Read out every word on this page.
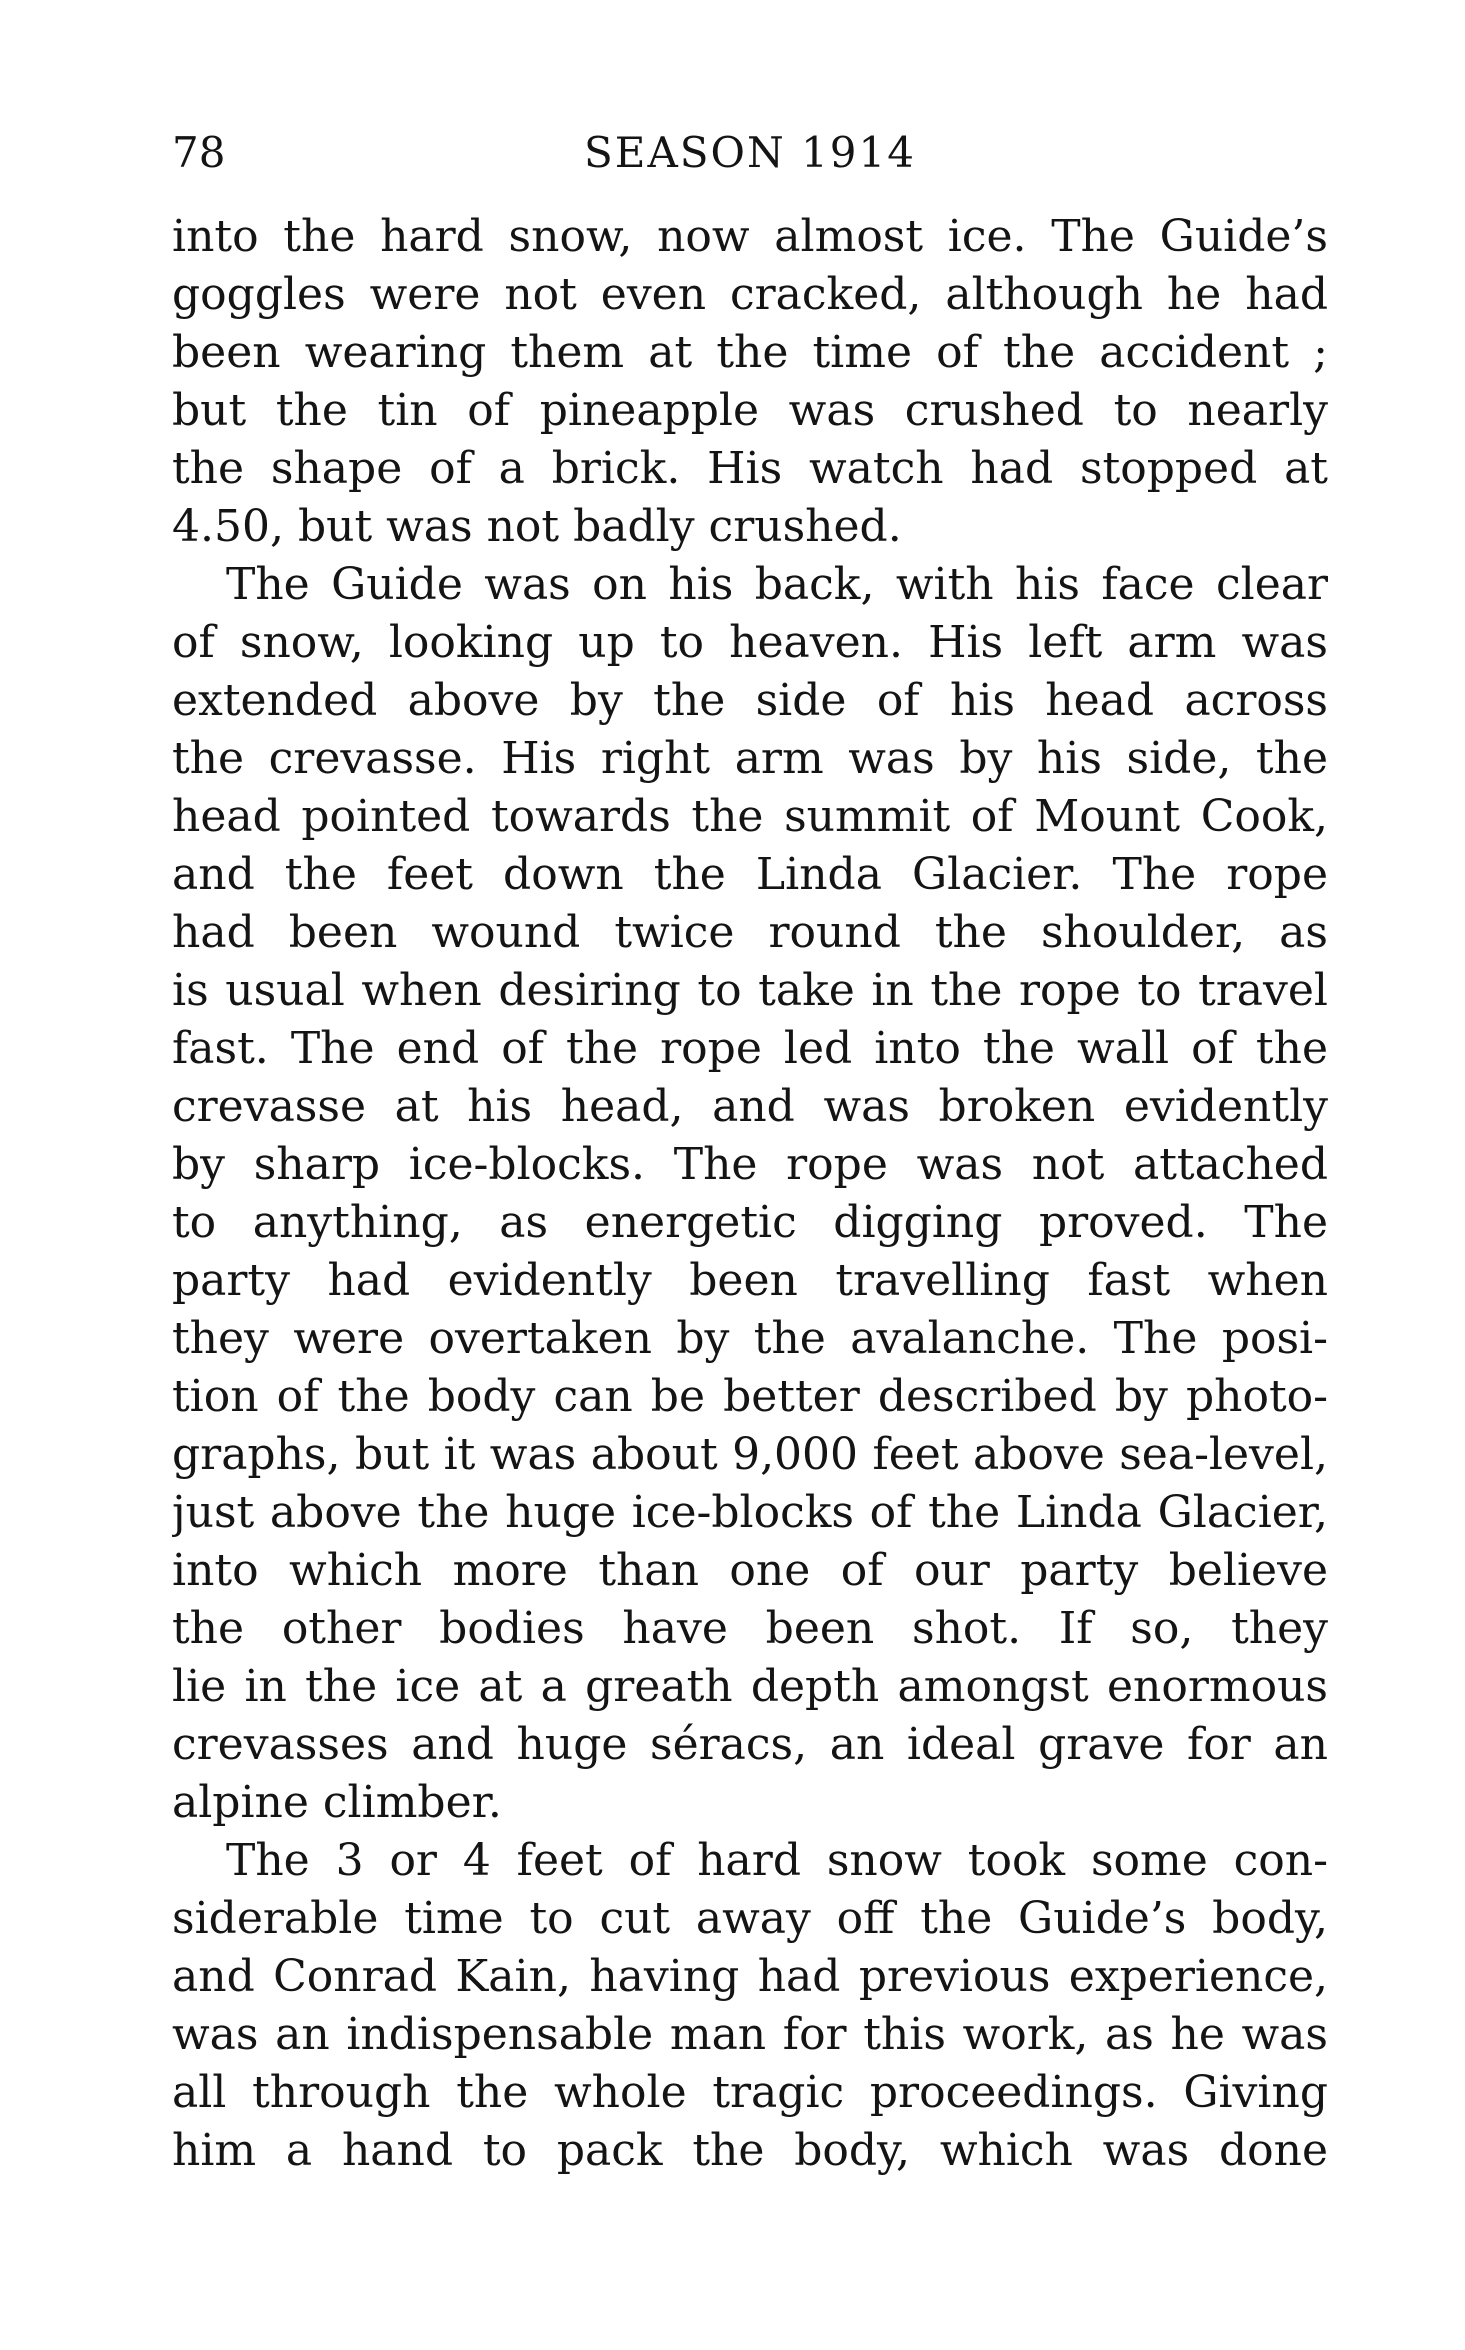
78	SEASON 1914
into the hard snow, now almost ice. The Guide’s
goggles were not even cracked, although he had
been wearing them at the time of the accident ;
but the tin of pineapple was crushed to nearly
the shape of a brick. His watch had stopped at
4.50, but was not badly crushed.
The Guide was on his back, with his face clear
of snow, looking up to heaven. His left arm was
extended above by the side of his head across
the crevasse. His right arm was by his side, the
head pointed towards the summit of Mount Cook,
and the feet down the Linda Glacier. The rope
had been wound twice round the shoulder, as
is usual when desiring to take in the rope to travel
fast. The end of the rope led into the wall of the
crevasse at his head, and was broken evidently
by sharp ice-blocks. The rope was not attached
to anything, as energetic digging proved. The
party had evidently been travelling fast when
they were overtaken by the avalanche. The posi-
tion of the body can be better described by photo-
graphs, but it was about 9,000 feet above sea-level,
just above the huge ice-blocks of the Linda Glacier,
into which more than one of our party believe
the other bodies have been shot. If so, they
lie in the ice at a greath depth amongst enormous
crevasses and huge séracs, an ideal grave for an
alpine climber.
The 3 or 4 feet of hard snow took some con-
siderable time to cut away off the Guide’s body,
and Conrad Kain, having had previous experience,
was an indispensable man for this work, as he was
all through the whole tragic proceedings. Giving
him a hand to pack the body, which was done
